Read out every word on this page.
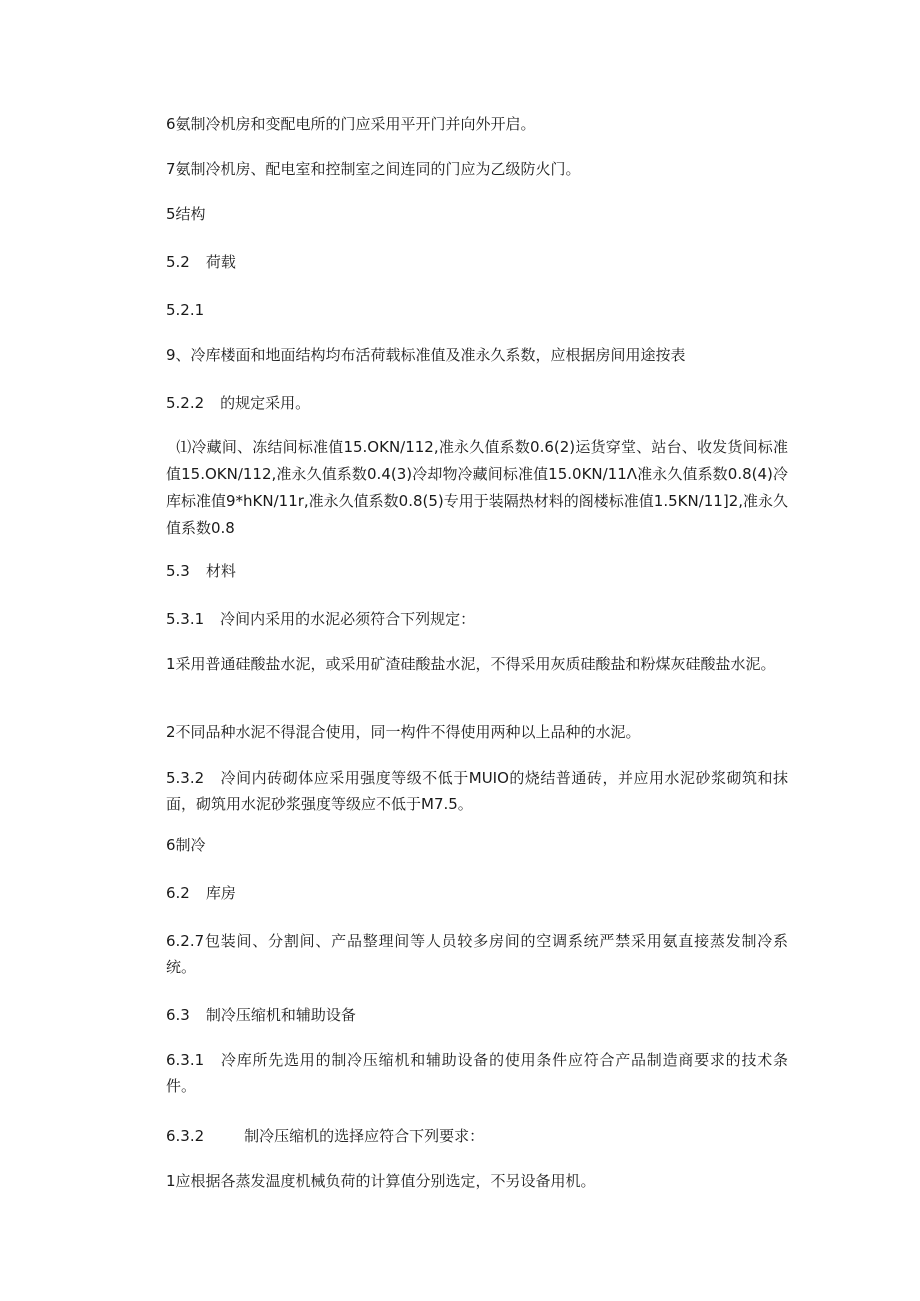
6氨制冷机房和变配电所的门应采用平开门并向外开启。

7氨制冷机房、配电室和控制室之间连同的门应为乙级防火门。

5结构

5.2 荷载

5.2.1

9、冷库楼面和地面结构均布活荷载标准值及准永久系数，应根据房间用途按表

5.2.2 的规定采用。

⑴冷藏间、冻结间标准值15.OKN∕112,准永久值系数0.6(2)运货穿堂、站台、收发货间标准值15.OKN∕112,准永久值系数0.4(3)冷却物冷藏间标准值15.0KN/11Λ准永久值系数0.8(4)冷库标准值9*hKN∕11r,准永久值系数0.8(5)专用于装隔热材料的阁楼标准值1.5KN∕11]2,准永久值系数0.8

5.3 材料

5.3.1 冷间内采用的水泥必须符合下列规定：

1采用普通硅酸盐水泥，或采用矿渣硅酸盐水泥，不得采用灰质硅酸盐和粉煤灰硅酸盐水泥。

2不同品种水泥不得混合使用，同一构件不得使用两种以上品种的水泥。

5.3.2 冷间内砖砌体应采用强度等级不低于MUIO的烧结普通砖，并应用水泥砂浆砌筑和抹面，砌筑用水泥砂浆强度等级应不低于M7.5。

6制冷

6.2 库房

6.2.7包装间、分割间、产品整理间等人员较多房间的空调系统严禁采用氨直接蒸发制冷系统。

6.3 制冷压缩机和辅助设备

6.3.1 冷库所先选用的制冷压缩机和辅助设备的使用条件应符合产品制造商要求的技术条件。

6.3.2	制冷压缩机的选择应符合下列要求：

1应根据各蒸发温度机械负荷的计算值分别选定，不另设备用机。
